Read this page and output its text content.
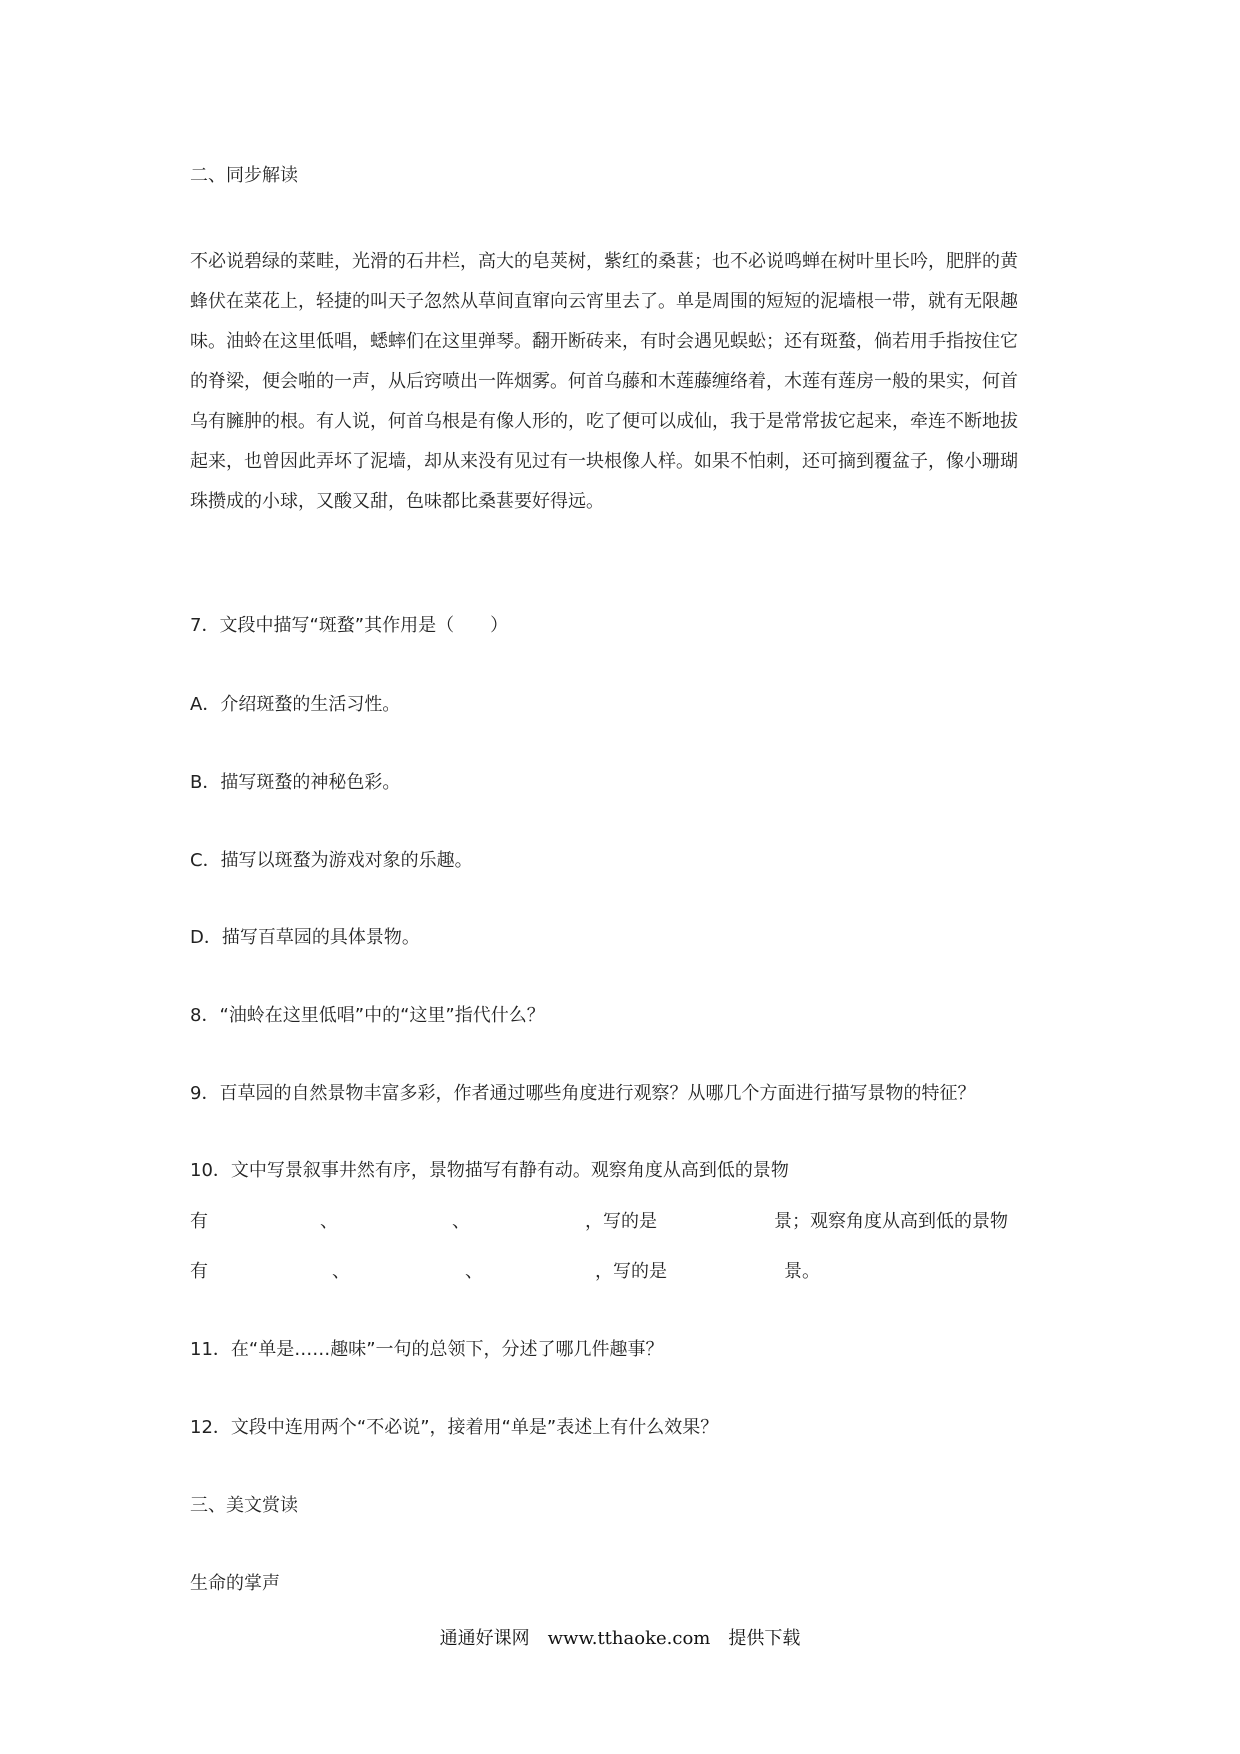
二、同步解读
不必说碧绿的菜畦，光滑的石井栏，高大的皂荚树，紫红的桑葚；也不必说鸣蝉在树叶里长吟，肥胖的黄
蜂伏在菜花上，轻捷的叫天子忽然从草间直窜向云宵里去了。单是周围的短短的泥墙根一带，就有无限趣
味。油蛉在这里低唱，蟋蟀们在这里弹琴。翻开断砖来，有时会遇见蜈蚣；还有斑蝥，倘若用手指按住它
的脊梁，便会啪的一声，从后窍喷出一阵烟雾。何首乌藤和木莲藤缠络着，木莲有莲房一般的果实，何首
乌有臃肿的根。有人说，何首乌根是有像人形的，吃了便可以成仙，我于是常常拔它起来，牵连不断地拔
起来，也曾因此弄坏了泥墙，却从来没有见过有一块根像人样。如果不怕刺，还可摘到覆盆子，像小珊瑚
珠攒成的小球，又酸又甜，色味都比桑葚要好得远。
7．文段中描写“斑蝥”其作用是（　　）
A．介绍斑蝥的生活习性。
B．描写斑蝥的神秘色彩。
C．描写以斑蝥为游戏对象的乐趣。
D．描写百草园的具体景物。
8．“油蛉在这里低唱”中的“这里”指代什么？
9．百草园的自然景物丰富多彩，作者通过哪些角度进行观察？从哪几个方面进行描写景物的特征？
10．文中写景叙事井然有序，景物描写有静有动。观察角度从高到低的景物
有	、	、	，写的是	景；观察角度从高到低的景物
有	、	、	，写的是	景。
11．在“单是……趣味”一句的总领下，分述了哪几件趣事？
12．文段中连用两个“不必说”，接着用“单是”表述上有什么效果？
三、美文赏读
生命的掌声
通通好课网　www.tthaoke.com　提供下载
